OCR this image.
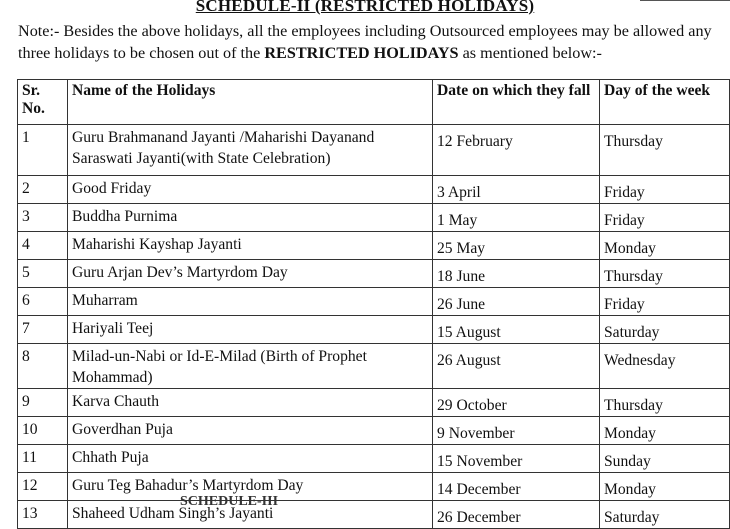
SCHEDULE-II (RESTRICTED HOLIDAYS)
Note:- Besides the above holidays, all the employees including Outsourced employees may be allowed any three holidays to be chosen out of the RESTRICTED HOLIDAYS as mentioned below:-
Sr. No.	Name of the Holidays	Date on which they fall	Day of the week
1	Guru Brahmanand Jayanti /Maharishi Dayanand Saraswati Jayanti(with State Celebration)	12 February	Thursday
2	Good Friday	3 April	Friday
3	Buddha Purnima	1 May	Friday
4	Maharishi Kayshap Jayanti	25 May	Monday
5	Guru Arjan Dev’s Martyrdom Day	18 June	Thursday
6	Muharram	26 June	Friday
7	Hariyali Teej	15 August	Saturday
8	Milad-un-Nabi or Id-E-Milad (Birth of Prophet Mohammad)	26 August	Wednesday
9	Karva Chauth	29 October	Thursday
10	Goverdhan Puja	9 November	Monday
11	Chhath Puja	15 November	Sunday
12	Guru Teg Bahadur’s Martyrdom Day	14 December	Monday
13	Shaheed Udham Singh’s Jayanti	26 December	Saturday
SCHEDULE-III
